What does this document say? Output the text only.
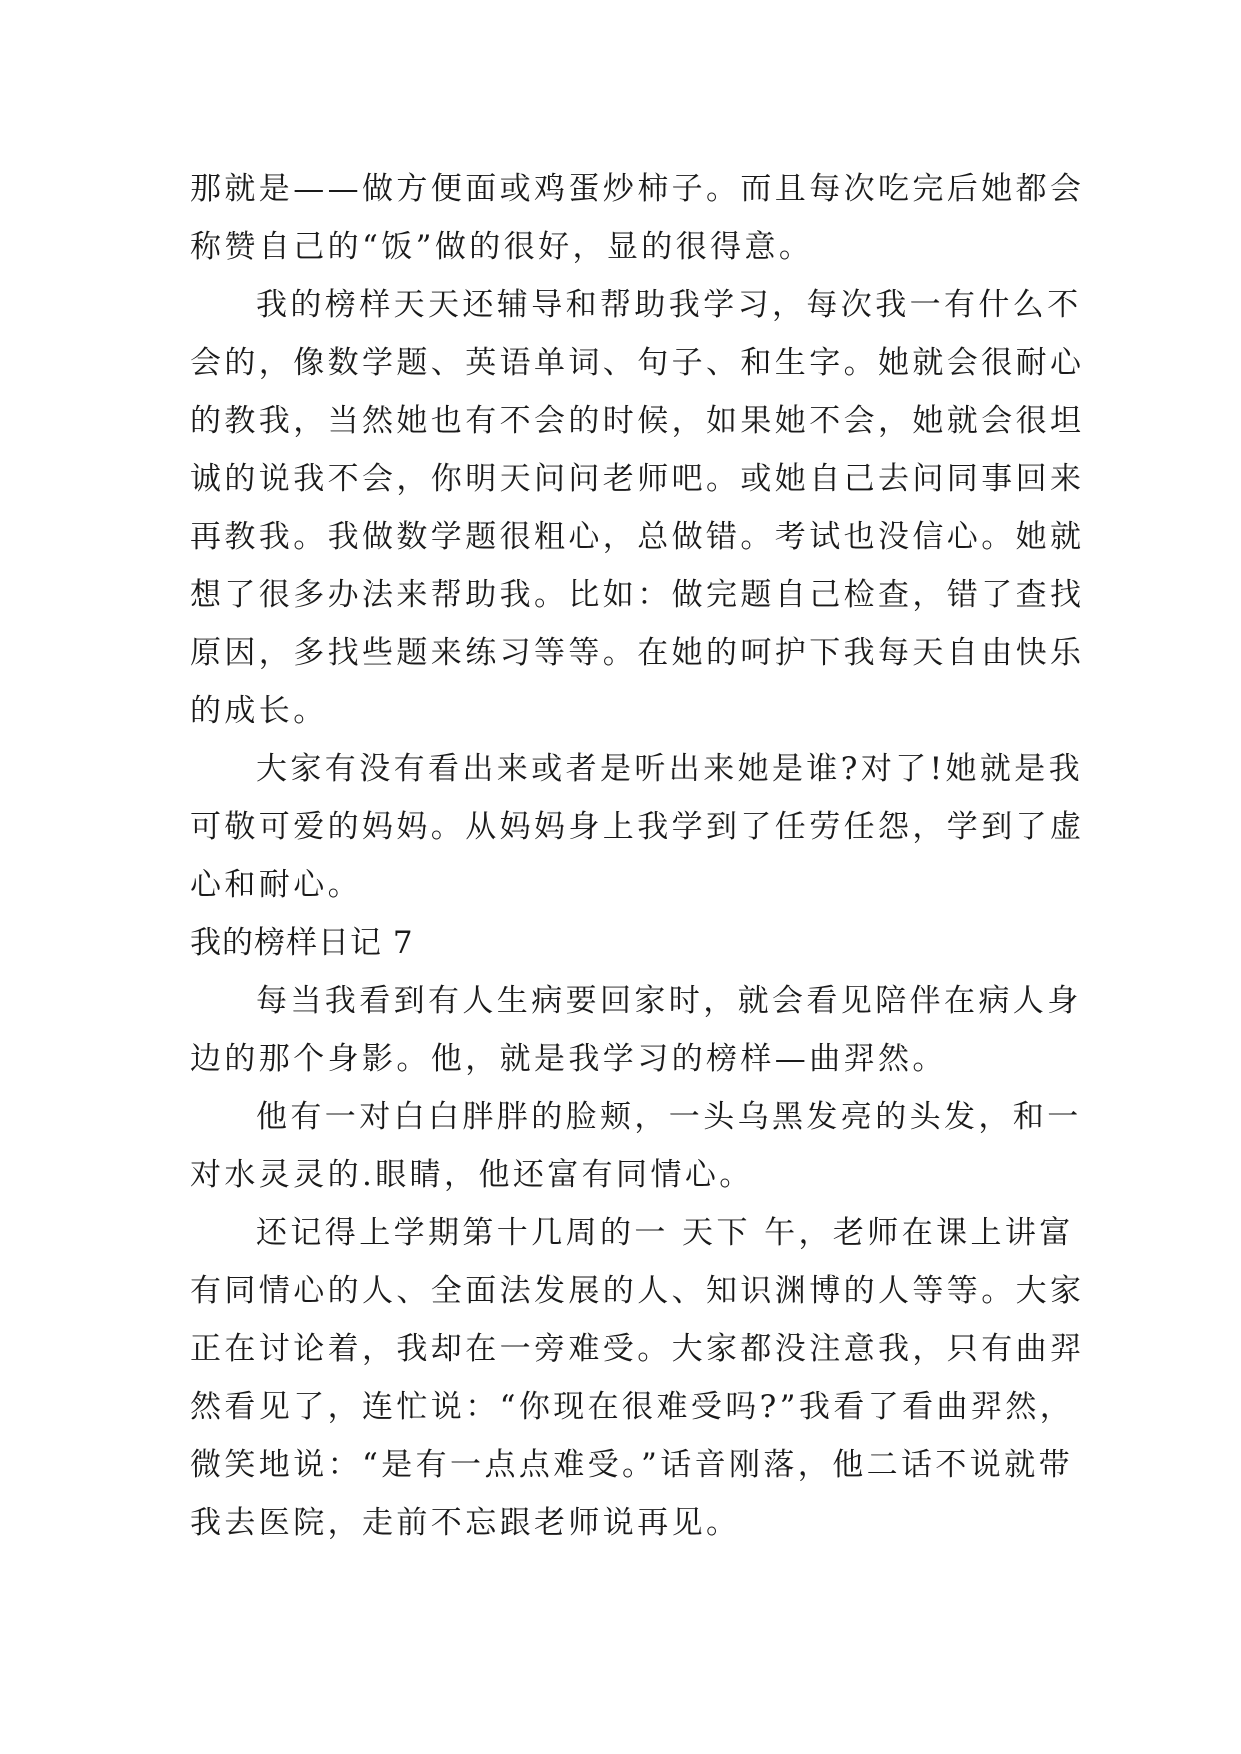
那就是——做方便面或鸡蛋炒柿子。而且每次吃完后她都会
称赞自己的“饭”做的很好，显的很得意。
我的榜样天天还辅导和帮助我学习，每次我一有什么不
会的，像数学题、英语单词、句子、和生字。她就会很耐心
的教我，当然她也有不会的时候，如果她不会，她就会很坦
诚的说我不会，你明天问问老师吧。或她自己去问同事回来
再教我。我做数学题很粗心，总做错。考试也没信心。她就
想了很多办法来帮助我。比如：做完题自己检查，错了查找
原因，多找些题来练习等等。在她的呵护下我每天自由快乐
的成长。
大家有没有看出来或者是听出来她是谁?对了!她就是我
可敬可爱的妈妈。从妈妈身上我学到了任劳任怨，学到了虚
心和耐心。
我的榜样日记 7
每当我看到有人生病要回家时，就会看见陪伴在病人身
边的那个身影。他，就是我学习的榜样—曲羿然。
他有一对白白胖胖的脸颊，一头乌黑发亮的头发，和一
对水灵灵的.眼睛，他还富有同情心。
还记得上学期第十几周的一 天下 午，老师在课上讲富
有同情心的人、全面法发展的人、知识渊博的人等等。大家
正在讨论着，我却在一旁难受。大家都没注意我，只有曲羿
然看见了，连忙说：“你现在很难受吗?”我看了看曲羿然，
微笑地说：“是有一点点难受。”话音刚落，他二话不说就带
我去医院，走前不忘跟老师说再见。
